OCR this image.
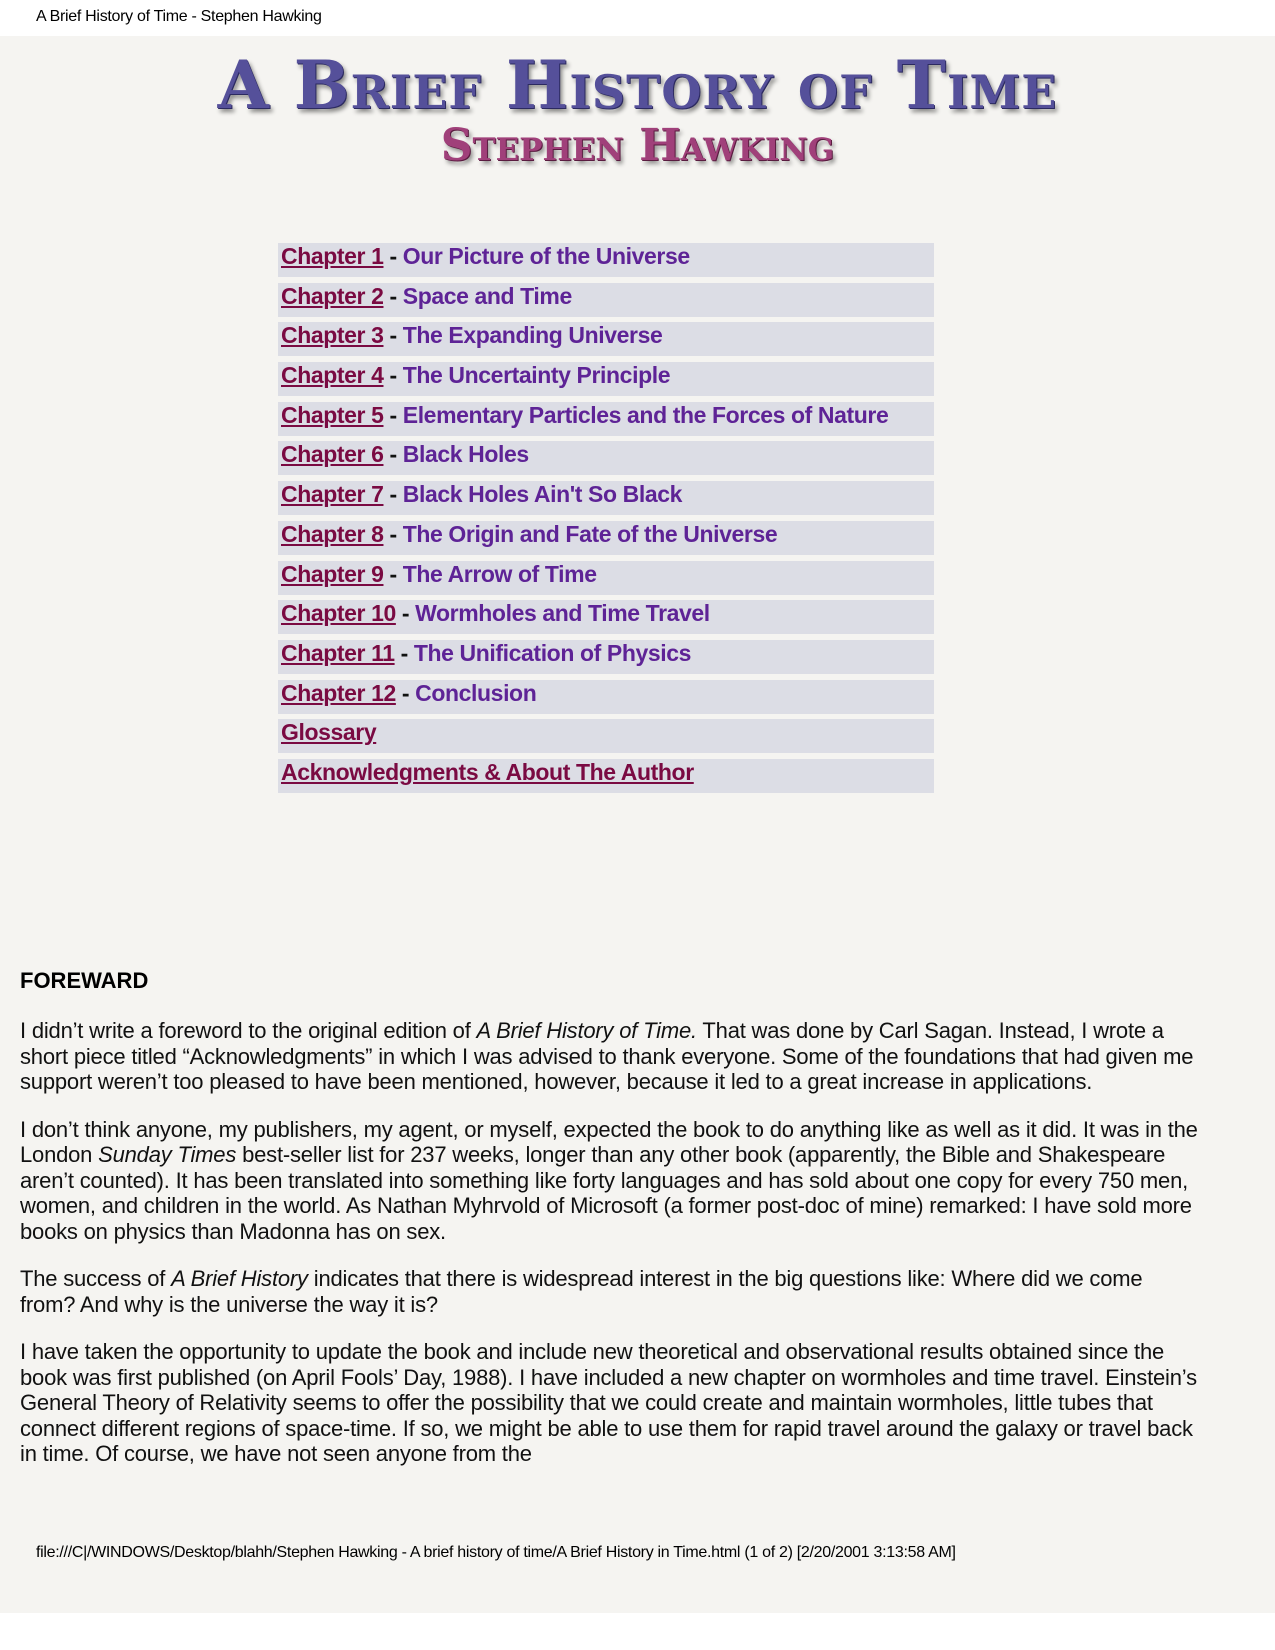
A Brief History of Time - Stephen Hawking
A Brief History of Time
Stephen Hawking
Chapter 1 - Our Picture of the Universe
Chapter 2 - Space and Time
Chapter 3 - The Expanding Universe
Chapter 4 - The Uncertainty Principle
Chapter 5 - Elementary Particles and the Forces of Nature
Chapter 6 - Black Holes
Chapter 7 - Black Holes Ain't So Black
Chapter 8 - The Origin and Fate of the Universe
Chapter 9 - The Arrow of Time
Chapter 10 - Wormholes and Time Travel
Chapter 11 - The Unification of Physics
Chapter 12 - Conclusion
Glossary
Acknowledgments & About The Author
FOREWARD

I didn’t write a foreword to the original edition of A Brief History of Time. That was done by Carl Sagan. Instead, I wrote a short piece titled “Acknowledgments” in which I was advised to thank everyone. Some of the foundations that had given me support weren’t too pleased to have been mentioned, however, because it led to a great increase in applications.

I don’t think anyone, my publishers, my agent, or myself, expected the book to do anything like as well as it did. It was in the London Sunday Times best-seller list for 237 weeks, longer than any other book (apparently, the Bible and Shakespeare aren’t counted). It has been translated into something like forty languages and has sold about one copy for every 750 men, women, and children in the world. As Nathan Myhrvold of Microsoft (a former post-doc of mine) remarked: I have sold more books on physics than Madonna has on sex.

The success of A Brief History indicates that there is widespread interest in the big questions like: Where did we come from? And why is the universe the way it is?

I have taken the opportunity to update the book and include new theoretical and observational results obtained since the book was first published (on April Fools’ Day, 1988). I have included a new chapter on wormholes and time travel. Einstein’s General Theory of Relativity seems to offer the possibility that we could create and maintain wormholes, little tubes that connect different regions of space-time. If so, we might be able to use them for rapid travel around the galaxy or travel back in time. Of course, we have not seen anyone from the

file:///C|/WINDOWS/Desktop/blahh/Stephen Hawking - A brief history of time/A Brief History in Time.html (1 of 2) [2/20/2001 3:13:58 AM]
